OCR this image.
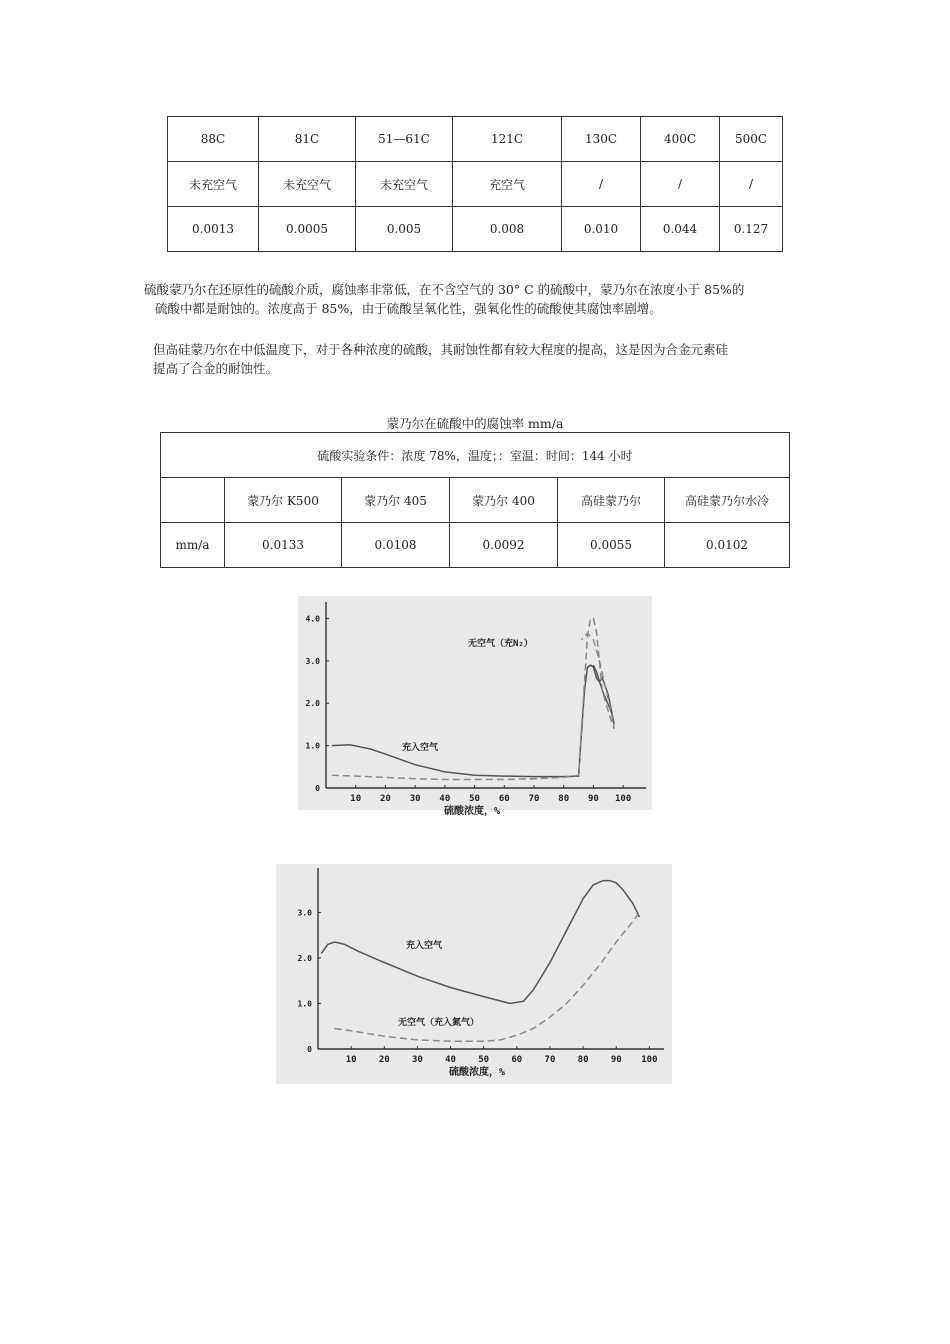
88C	81C	51—61C	121C	130C	400C	500C
未充空气	未充空气	未充空气	充空气	/	/	/
0.0013	0.0005	0.005	0.008	0.010	0.044	0.127

硫酸蒙乃尔在还原性的硫酸介质，腐蚀率非常低，在不含空气的 30° C 的硫酸中，蒙乃尔在浓度小于 85%的
硫酸中都是耐蚀的。浓度高于 85%，由于硫酸呈氧化性，强氧化性的硫酸使其腐蚀率剧增。

但高硅蒙乃尔在中低温度下，对于各种浓度的硫酸，其耐蚀性都有较大程度的提高，这是因为合金元素硅
提高了合金的耐蚀性。

蒙乃尔在硫酸中的腐蚀率 mm/a
硫酸实验条件：浓度 78%，温度；：室温：时间：144 小时					
	蒙乃尔 K500	蒙乃尔 405	蒙乃尔 400	高硅蒙乃尔	高硅蒙乃尔水冷
mm/a	0.0133	0.0108	0.0092	0.0055	0.0102
10 20 30 40 50 60 70 80 90 100
0
1.0
2.0
3.0
4.0
无空气（充N₂）
充入空气
硫酸浓度，%
10 20 30 40 50 60 70 80 90 100
0
1.0
2.0
3.0
充入空气
无空气（充入氮气）
硫酸浓度，%
